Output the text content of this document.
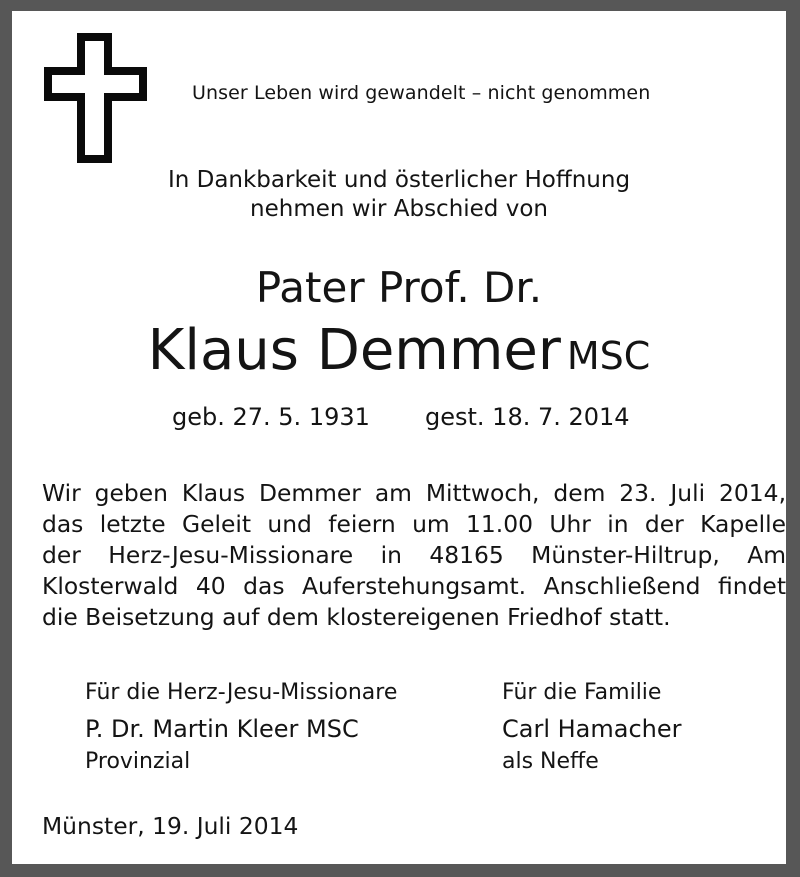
Unser Leben wird gewandelt – nicht genommen
In Dankbarkeit und österlicher Hoffnung
nehmen wir Abschied von
Pater Prof. Dr.
Klaus Demmer MSC
geb. 27. 5. 1931 gest. 18. 7. 2014
Wir geben Klaus Demmer am Mittwoch, dem 23. Juli 2014,
das letzte Geleit und feiern um 11.00 Uhr in der Kapelle
der Herz-Jesu-Missionare in 48165 Münster-Hiltrup, Am
Klosterwald 40 das Auferstehungsamt. Anschließend findet
die Beisetzung auf dem klostereigenen Friedhof statt.
Für die Herz-Jesu-Missionare
P. Dr. Martin Kleer MSC
Provinzial
Für die Familie
Carl Hamacher
als Neffe
Münster, 19. Juli 2014
